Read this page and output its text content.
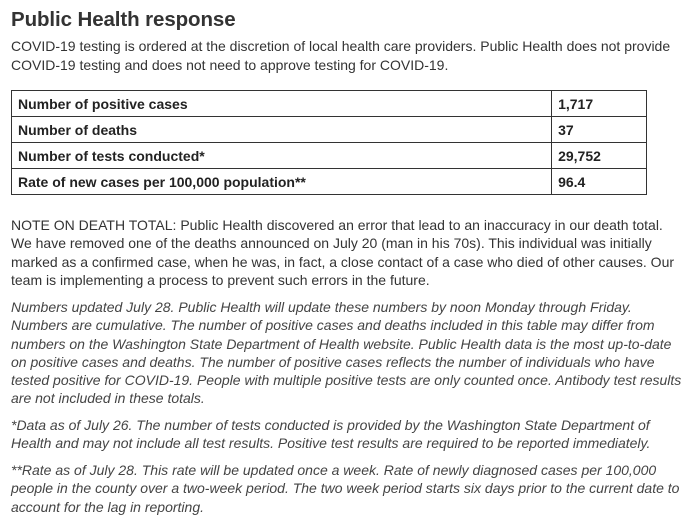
Public Health response

COVID-19 testing is ordered at the discretion of local health care providers. Public Health does not provide COVID-19 testing and does not need to approve testing for COVID-19.

Number of positive cases	1,717
Number of deaths	37
Number of tests conducted*	29,752
Rate of new cases per 100,000 population**	96.4

NOTE ON DEATH TOTAL: Public Health discovered an error that lead to an inaccuracy in our death total. We have removed one of the deaths announced on July 20 (man in his 70s). This individual was initially marked as a confirmed case, when he was, in fact, a close contact of a case who died of other causes. Our team is implementing a process to prevent such errors in the future.

Numbers updated July 28. Public Health will update these numbers by noon Monday through Friday. Numbers are cumulative. The number of positive cases and deaths included in this table may differ from numbers on the Washington State Department of Health website. Public Health data is the most up-to-date on positive cases and deaths. The number of positive cases reflects the number of individuals who have tested positive for COVID-19. People with multiple positive tests are only counted once. Antibody test results are not included in these totals.

*Data as of July 26. The number of tests conducted is provided by the Washington State Department of Health and may not include all test results. Positive test results are required to be reported immediately.

**Rate as of July 28. This rate will be updated once a week. Rate of newly diagnosed cases per 100,000 people in the county over a two-week period. The two week period starts six days prior to the current date to account for the lag in reporting.
